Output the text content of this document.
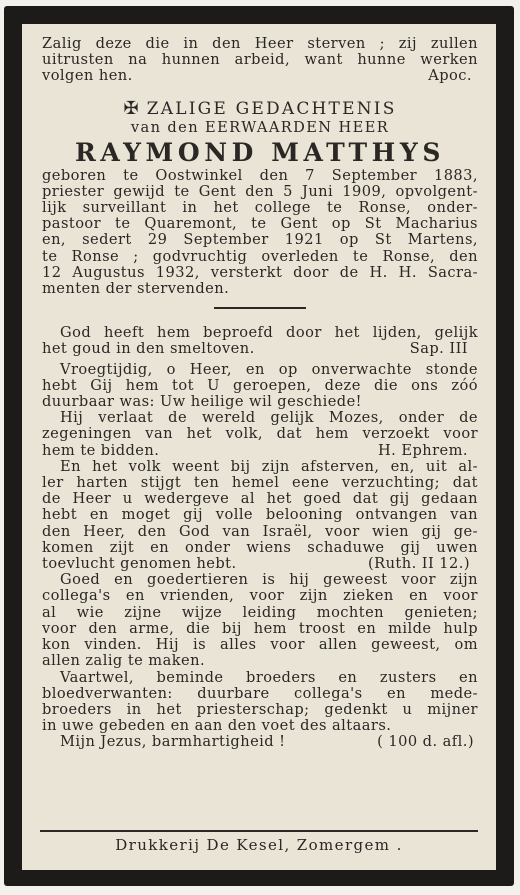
Zalig deze die in den Heer sterven ; zij zullen
uitrusten na hunnen arbeid, want hunne werken
volgen hen.	Apoc.
✠ ZALIGE GEDACHTENIS
van den EERWAARDEN HEER
RAYMOND MATTHYS
geboren te Oostwinkel den 7 September 1883,
priester gewijd te Gent den 5 Juni 1909, opvolgent-
lijk surveillant in het college te Ronse, onder-
pastoor te Quaremont, te Gent op St Macharius
en, sedert 29 September 1921 op St Martens,
te Ronse ; godvruchtig overleden te Ronse, den
12 Augustus 1932, versterkt door de H. H. Sacra-
menten der stervenden.
God heeft hem beproefd door het lijden, gelijk
het goud in den smeltoven.	Sap. III
Vroegtijdig, o Heer, en op onverwachte stonde
hebt Gij hem tot U geroepen, deze die ons zóó
duurbaar was: Uw heilige wil geschiede!
Hij verlaat de wereld gelijk Mozes, onder de
zegeningen van het volk, dat hem verzoekt voor
hem te bidden.	H. Ephrem.
En het volk weent bij zijn afsterven, en, uit al-
ler harten stijgt ten hemel eene verzuchting; dat
de Heer u wedergeve al het goed dat gij gedaan
hebt en moget gij volle belooning ontvangen van
den Heer, den God van Israël, voor wien gij ge-
komen zijt en onder wiens schaduwe gij uwen
toevlucht genomen hebt.	(Ruth. II 12.)
Goed en goedertieren is hij geweest voor zijn
collega's en vrienden, voor zijn zieken en voor
al wie zijne wijze leiding mochten genieten;
voor den arme, die bij hem troost en milde hulp
kon vinden. Hij is alles voor allen geweest, om
allen zalig te maken.
Vaartwel, beminde broeders en zusters en
bloedverwanten: duurbare collega's en mede-
broeders in het priesterschap; gedenkt u mijner
in uwe gebeden en aan den voet des altaars.
Mijn Jezus, barmhartigheid !	( 100 d. afl.)
Drukkerij De Kesel, Zomergem .
